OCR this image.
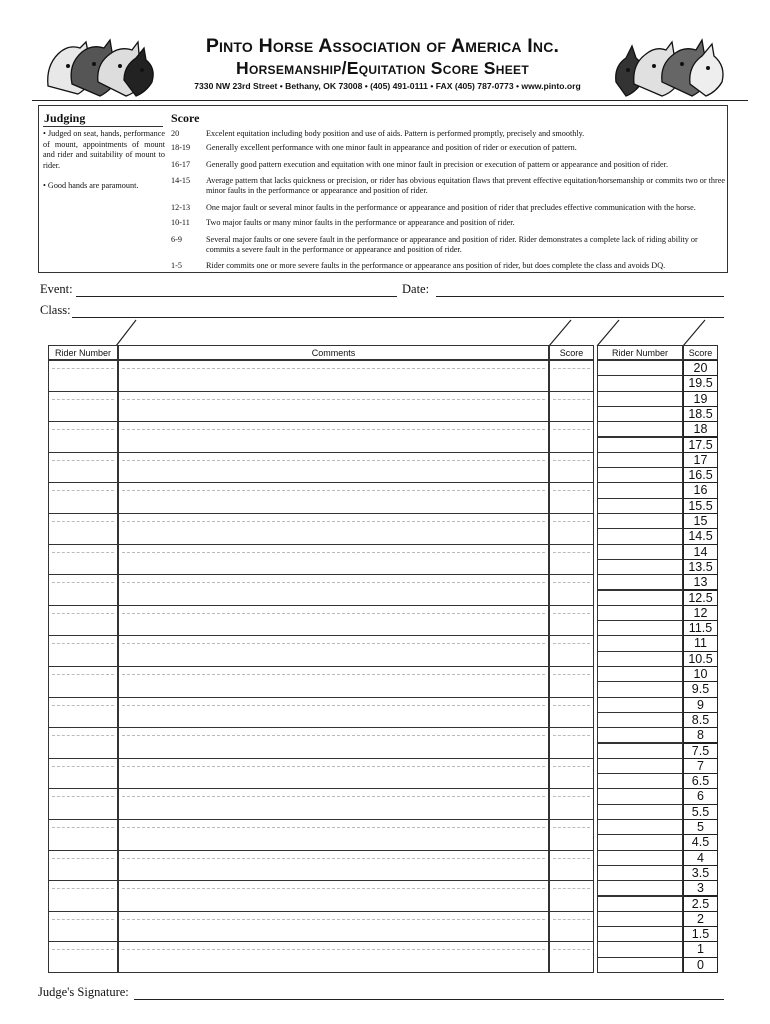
Pinto Horse Association of America Inc.
Horsemanship/Equitation Score Sheet
7330 NW 23rd Street • Bethany, OK 73008 • (405) 491-0111 • FAX (405) 787-0773 • www.pinto.org
Judging	Score
• Judged on seat, hands, performance of mount, appointments of mount and rider and suitability of mount to rider.
• Good hands are paramount.
20	Excelent equitation including body position and use of aids. Pattern is performed promptly, precisely and smoothly.
18-19	Generally excellent performance with one minor fault in appearance and position of rider or execution of pattern.
16-17	Generally good pattern execution and equitation with one minor fault in precision or execution of pattern or appearance and position of rider.
14-15	Average pattern that lacks quickness or precision, or rider has obvious equitation flaws that prevent effective equitation/horsemanship or commits two or three minor faults in the performance or appearance and position of rider.
12-13	One major fault or several minor faults in the performance or appearance and position of rider that precludes effective communication with the horse.
10-11	Two major faults or many minor faults in the performance or appearance and position of rider.
6-9	Several major faults or one severe fault in the performance or appearance and position of rider. Rider demonstrates a complete lack of riding ability or commits a severe fault in the performance or appearance and position of rider.
1-5	Rider commits one or more severe faults in the performance or appearance ans position of rider, but does complete the class and avoids DQ.
Event:	Date:
Class:
Rider Number	Comments	Score	Rider Number	Score
20
19.5
19
18.5
18
17.5
17
16.5
16
15.5
15
14.5
14
13.5
13
12.5
12
11.5
11
10.5
10
9.5
9
8.5
8
7.5
7
6.5
6
5.5
5
4.5
4
3.5
3
2.5
2
1.5
1
0
Judge's Signature:
